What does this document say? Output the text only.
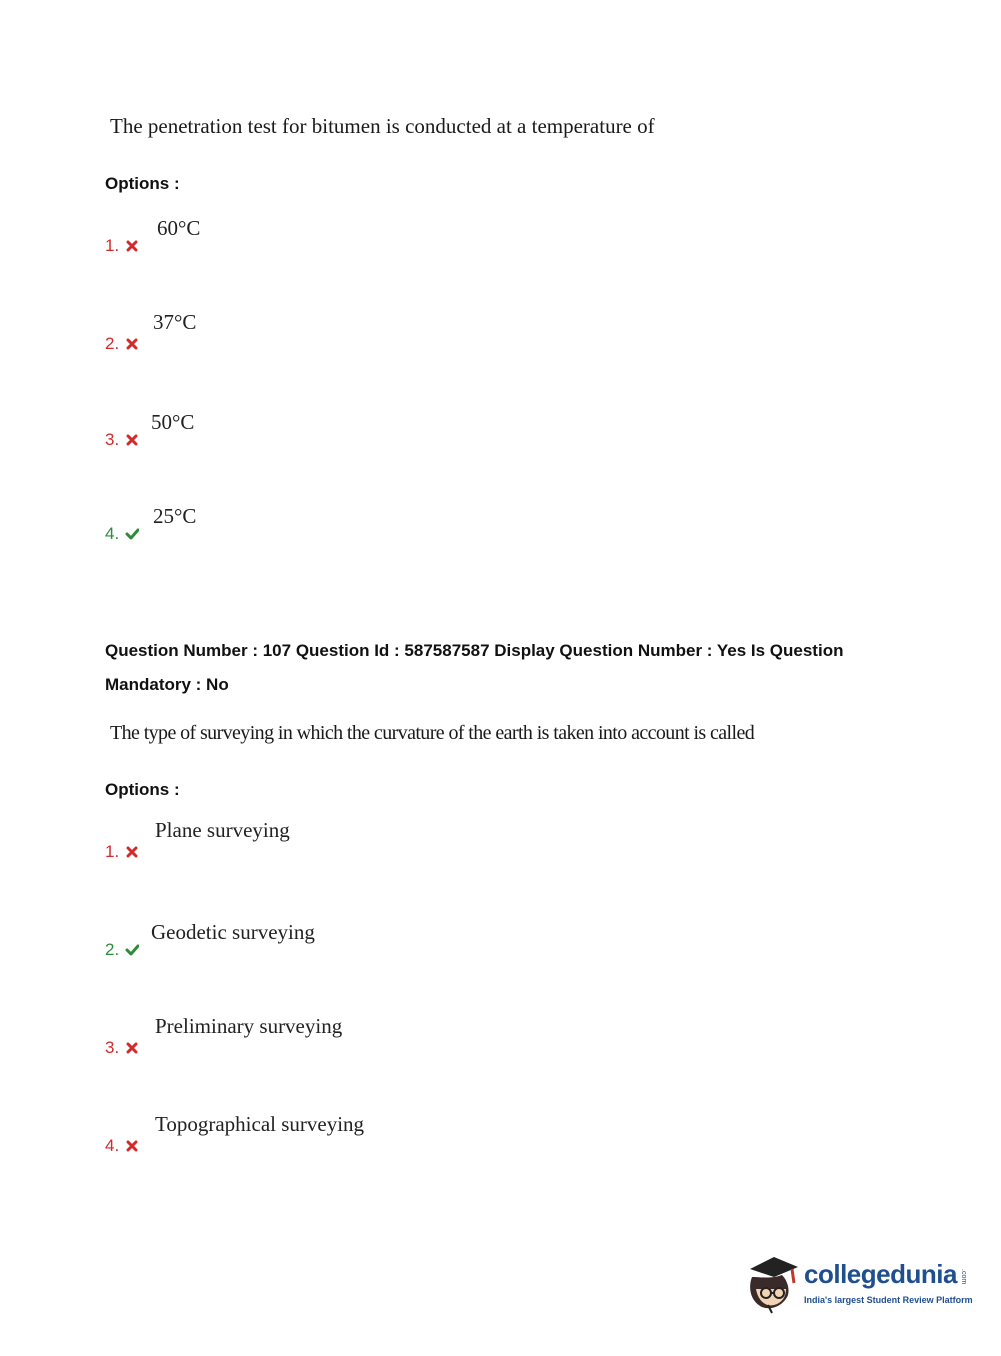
The penetration test for bitumen is conducted at a temperature of
Options :
60°C
1.
37°C
2.
50°C
3.
25°C
4.
Question Number : 107 Question Id : 587587587 Display Question Number : Yes Is Question Mandatory : No
The type of surveying in which the curvature of the earth is taken into account is called
Options :
Plane surveying
1.
Geodetic surveying
2.
Preliminary surveying
3.
Topographical surveying
4.
collegedunia .com
India's largest Student Review Platform
